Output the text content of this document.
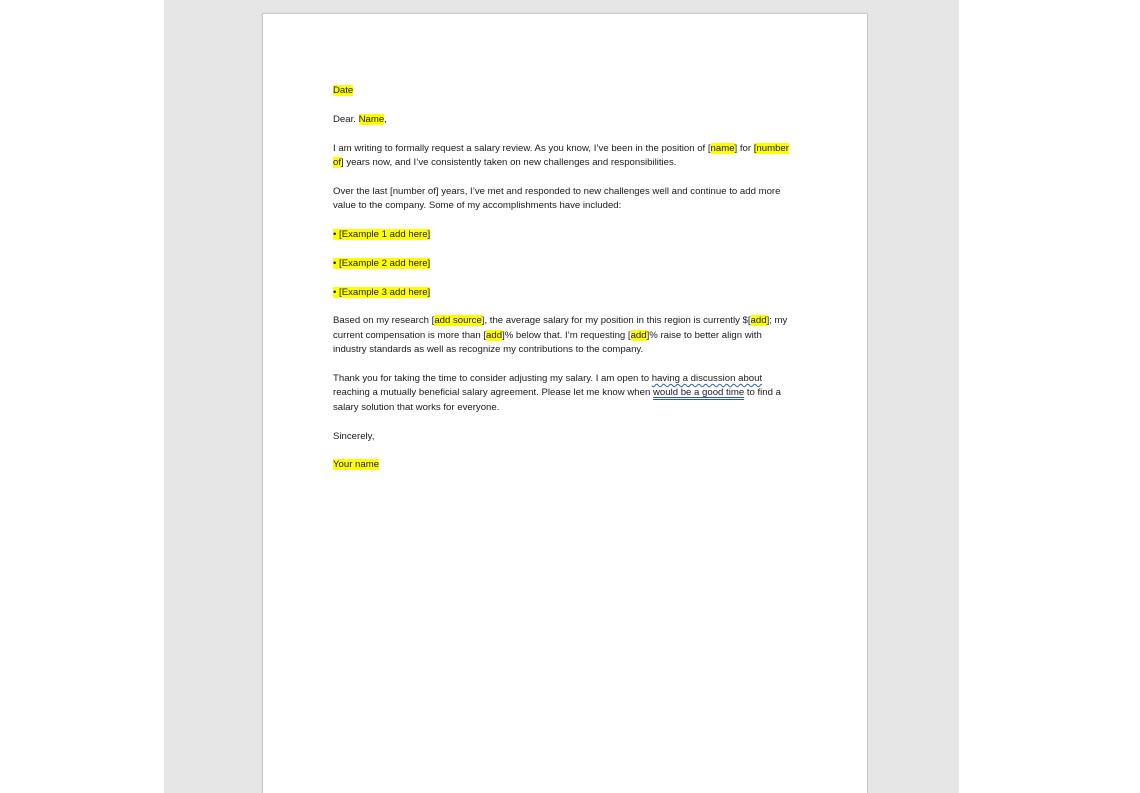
Date

Dear. Name,

I am writing to formally request a salary review. As you know, I’ve been in the position of [name] for [number of] years now, and I’ve consistently taken on new challenges and responsibilities.

Over the last [number of] years, I’ve met and responded to new challenges well and continue to add more value to the company. Some of my accomplishments have included:

• [Example 1 add here]

• [Example 2 add here]

• [Example 3 add here]

Based on my research [add source], the average salary for my position in this region is currently $[add]; my current compensation is more than [add]% below that. I’m requesting [add]% raise to better align with industry standards as well as recognize my contributions to the company.

Thank you for taking the time to consider adjusting my salary. I am open to having a discussion about reaching a mutually beneficial salary agreement. Please let me know when would be a good time to find a salary solution that works for everyone.

Sincerely,

Your name
